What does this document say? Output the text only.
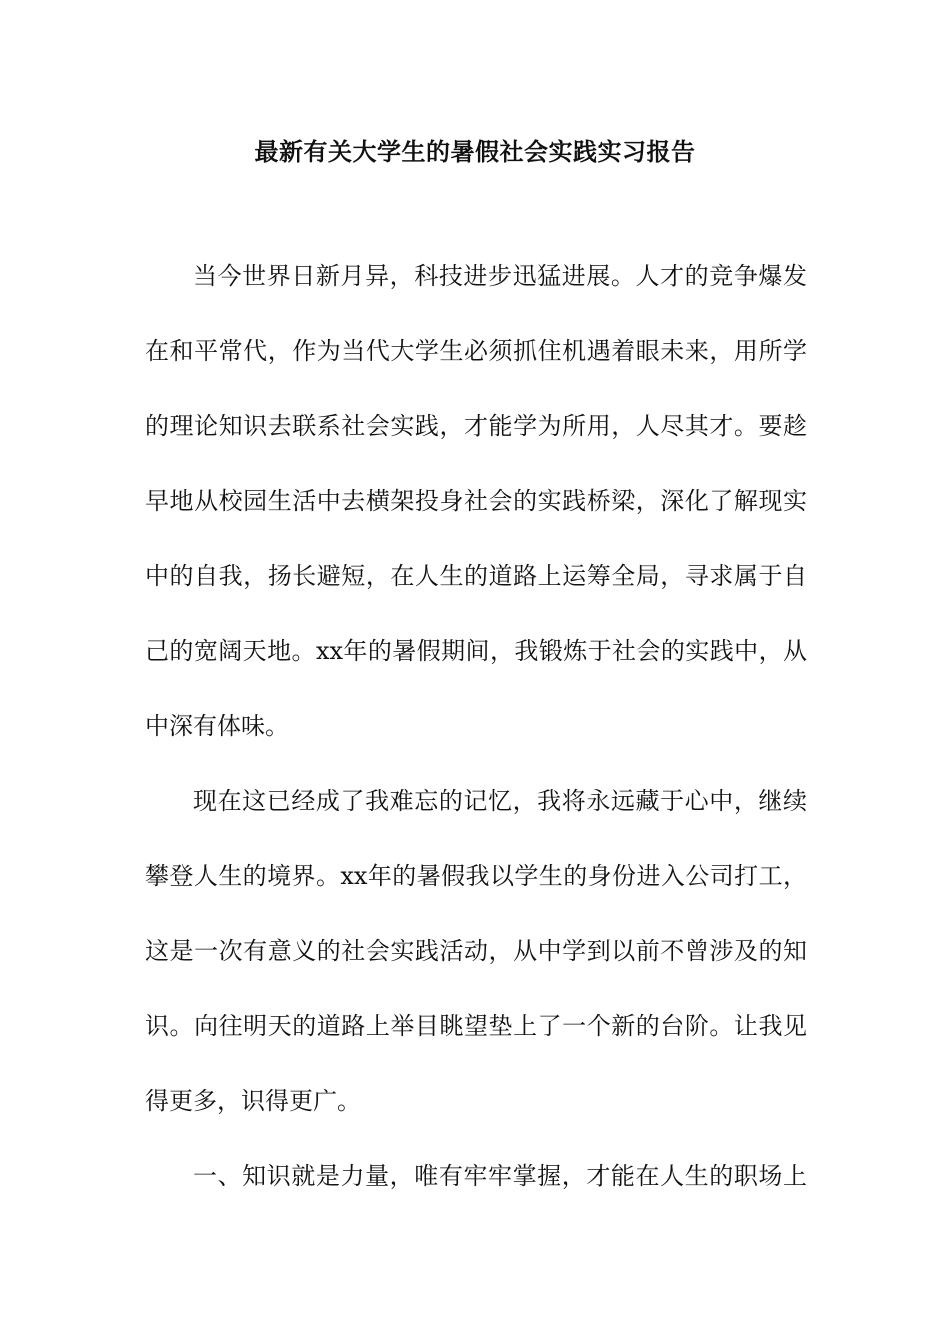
最新有关大学生的暑假社会实践实习报告
当今世界日新月异，科技进步迅猛进展。人才的竞争爆发
在和平常代，作为当代大学生必须抓住机遇着眼未来，用所学
的理论知识去联系社会实践，才能学为所用，人尽其才。要趁
早地从校园生活中去横架投身社会的实践桥梁，深化了解现实
中的自我，扬长避短，在人生的道路上运筹全局，寻求属于自
己的宽阔天地。xx年的暑假期间，我锻炼于社会的实践中，从
中深有体味。
现在这已经成了我难忘的记忆，我将永远藏于心中，继续
攀登人生的境界。xx年的暑假我以学生的身份进入公司打工，
这是一次有意义的社会实践活动，从中学到以前不曾涉及的知
识。向往明天的道路上举目眺望垫上了一个新的台阶。让我见
得更多，识得更广。
一、知识就是力量，唯有牢牢掌握，才能在人生的职场上
